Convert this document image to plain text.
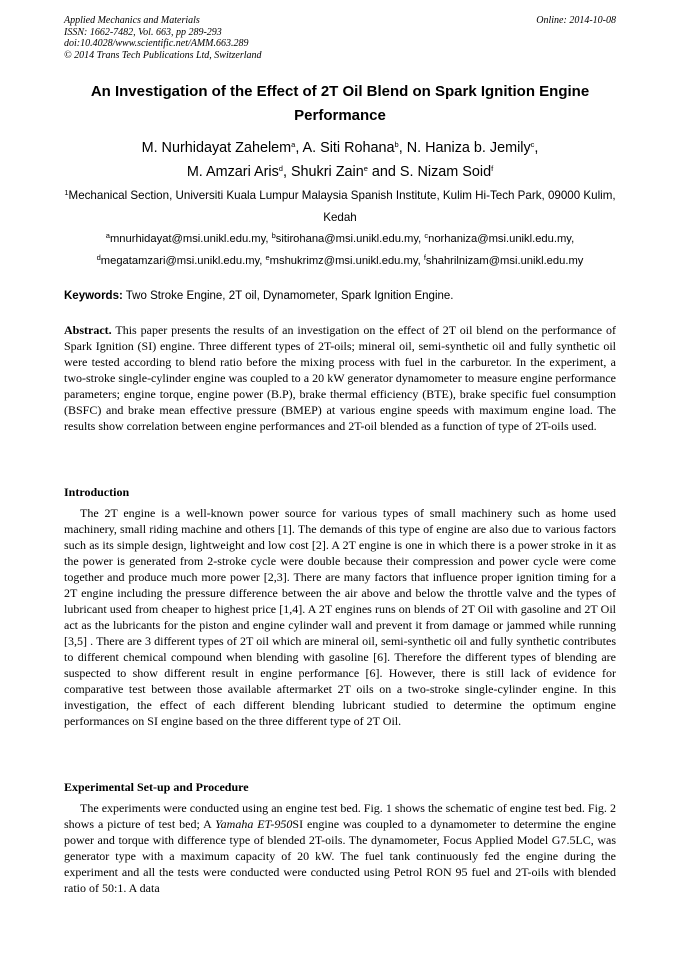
Applied Mechanics and Materials
ISSN: 1662-7482, Vol. 663, pp 289-293
doi:10.4028/www.scientific.net/AMM.663.289
© 2014 Trans Tech Publications Ltd, Switzerland
Online: 2014-10-08
An Investigation of the Effect of 2T Oil Blend on Spark Ignition Engine Performance
M. Nurhidayat Zahelem$^a$, A. Siti Rohana$^b$, N. Haniza b. Jemily$^c$,
M. Amzari Aris$^d$, Shukri Zain$^e$ and S. Nizam Soid$^f$
$^1$Mechanical Section, Universiti Kuala Lumpur Malaysia Spanish Institute, Kulim Hi-Tech Park, 09000 Kulim, Kedah
$^a$mnurhidayat@msi.unikl.edu.my, $^b$sitirohana@msi.unikl.edu.my, $^c$norhaniza@msi.unikl.edu.my,
$^d$megatamzari@msi.unikl.edu.my, $^e$mshukrimz@msi.unikl.edu.my, $^f$shahrilnizam@msi.unikl.edu.my
Keywords: Two Stroke Engine, 2T oil, Dynamometer, Spark Ignition Engine.
Abstract. This paper presents the results of an investigation on the effect of 2T oil blend on the performance of Spark Ignition (SI) engine. Three different types of 2T-oils; mineral oil, semi-synthetic oil and fully synthetic oil were tested according to blend ratio before the mixing process with fuel in the carburetor. In the experiment, a two-stroke single-cylinder engine was coupled to a 20 kW generator dynamometer to measure engine performance parameters; engine torque, engine power (B.P), brake thermal efficiency (BTE), brake specific fuel consumption (BSFC) and brake mean effective pressure (BMEP) at various engine speeds with maximum engine load. The results show correlation between engine performances and 2T-oil blended as a function of type of 2T-oils used.
Introduction
The 2T engine is a well-known power source for various types of small machinery such as home used machinery, small riding machine and others [1]. The demands of this type of engine are also due to various factors such as its simple design, lightweight and low cost [2]. A 2T engine is one in which there is a power stroke in it as the power is generated from 2-stroke cycle were double because their compression and power cycle were come together and produce much more power [2,3]. There are many factors that influence proper ignition timing for a 2T engine including the pressure difference between the air above and below the throttle valve and the types of lubricant used from cheaper to highest price [1,4]. A 2T engines runs on blends of 2T Oil with gasoline and 2T Oil act as the lubricants for the piston and engine cylinder wall and prevent it from damage or jammed while running [3,5] . There are 3 different types of 2T oil which are mineral oil, semi-synthetic oil and fully synthetic contributes to different chemical compound when blending with gasoline [6]. Therefore the different types of blending are suspected to show different result in engine performance [6]. However, there is still lack of evidence for comparative test between those available aftermarket 2T oils on a two-stroke single-cylinder engine. In this investigation, the effect of each different blending lubricant studied to determine the optimum engine performances on SI engine based on the three different type of 2T Oil.
Experimental Set-up and Procedure
The experiments were conducted using an engine test bed. Fig. 1 shows the schematic of engine test bed. Fig. 2 shows a picture of test bed; A Yamaha ET-950SI engine was coupled to a dynamometer to determine the engine power and torque with difference type of blended 2T-oils. The dynamometer, Focus Applied Model G7.5LC, was generator type with a maximum capacity of 20 kW. The fuel tank continuously fed the engine during the experiment and all the tests were conducted were conducted using Petrol RON 95 fuel and 2T-oils with blended ratio of 50:1. A data
